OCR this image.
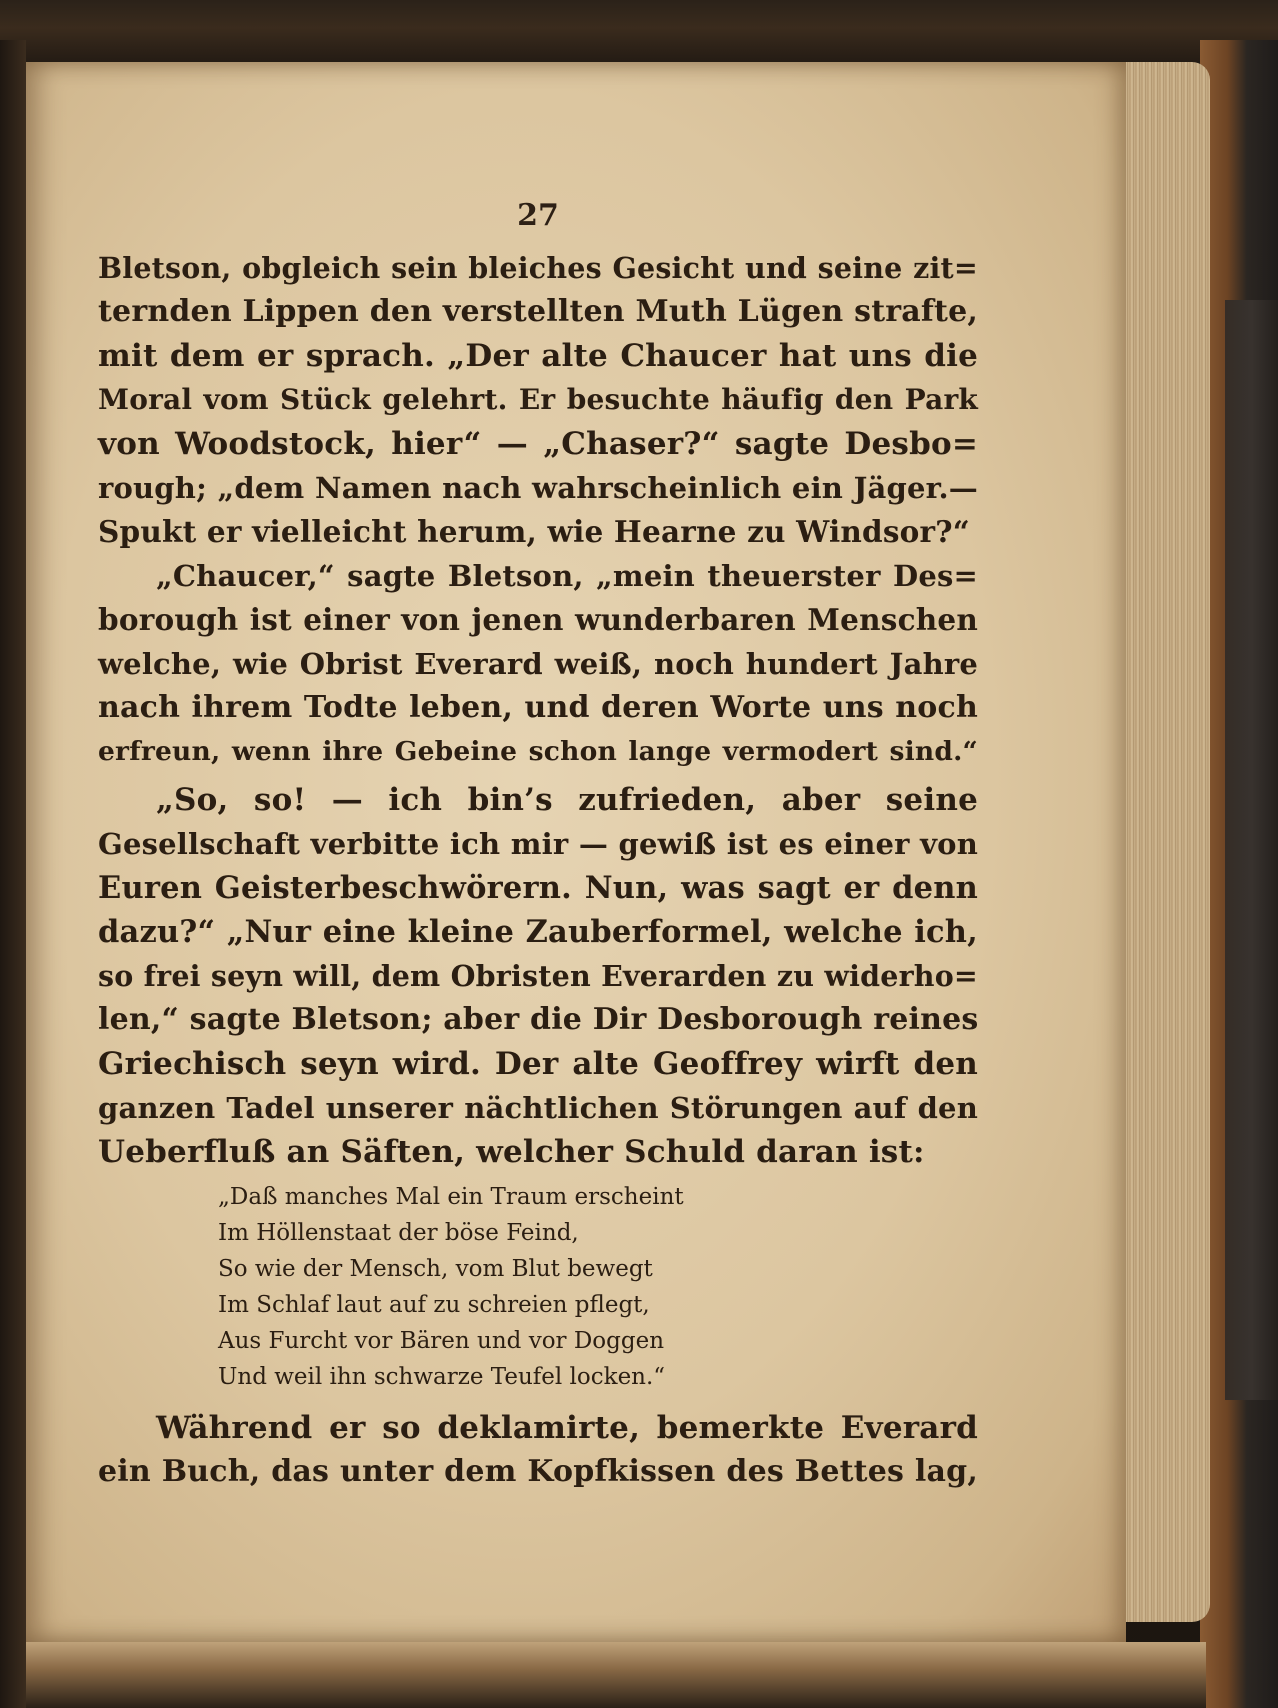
27
Bletson, obgleich sein bleiches Gesicht und seine zit=
ternden Lippen den verstellten Muth Lügen strafte,
mit dem er sprach. „Der alte Chaucer hat uns die
Moral vom Stück gelehrt. Er besuchte häufig den Park
von Woodstock, hier“ — „Chaser?“ sagte Desbo=
rough; „dem Namen nach wahrscheinlich ein Jäger.—
Spukt er vielleicht herum, wie Hearne zu Windsor?“
„Chaucer,“ sagte Bletson, „mein theuerster Des=
borough ist einer von jenen wunderbaren Menschen
welche, wie Obrist Everard weiß, noch hundert Jahre
nach ihrem Todte leben, und deren Worte uns noch
erfreun, wenn ihre Gebeine schon lange vermodert sind.“
„So, so! — ich bin’s zufrieden, aber seine
Gesellschaft verbitte ich mir — gewiß ist es einer von
Euren Geisterbeschwörern. Nun, was sagt er denn
dazu?“ „Nur eine kleine Zauberformel, welche ich,
so frei seyn will, dem Obristen Everarden zu widerho=
len,“ sagte Bletson; aber die Dir Desborough reines
Griechisch seyn wird. Der alte Geoffrey wirft den
ganzen Tadel unserer nächtlichen Störungen auf den
Ueberfluß an Säften, welcher Schuld daran ist:
„Daß manches Mal ein Traum erscheint
Im Höllenstaat der böse Feind,
So wie der Mensch, vom Blut bewegt
Im Schlaf laut auf zu schreien pflegt,
Aus Furcht vor Bären und vor Doggen
Und weil ihn schwarze Teufel locken.“
Während er so deklamirte, bemerkte Everard
ein Buch, das unter dem Kopfkissen des Bettes lag,
